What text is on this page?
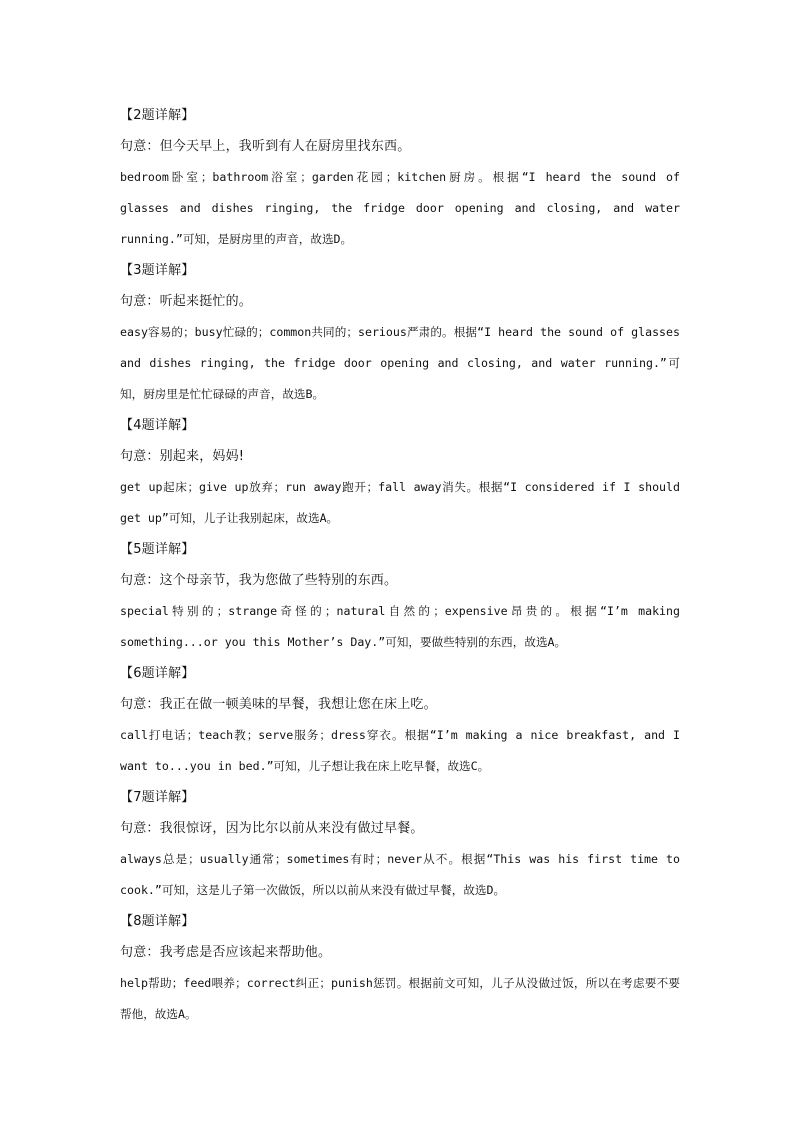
【2题详解】
句意：但今天早上，我听到有人在厨房里找东西。

bedroom卧室；bathroom浴室；garden花园；kitchen厨房。根据“I heard the sound of glasses and dishes ringing, the fridge door opening and closing, and water running.”可知，是厨房里的声音，故选D。

【3题详解】
句意：听起来挺忙的。

easy容易的；busy忙碌的；common共同的；serious严肃的。根据“I heard the sound of glasses and dishes ringing, the fridge door opening and closing, and water running.”可知，厨房里是忙忙碌碌的声音，故选B。

【4题详解】
句意：别起来，妈妈!

get up起床；give up放弃；run away跑开；fall away消失。根据“I considered if I should get up”可知，儿子让我别起床，故选A。

【5题详解】
句意：这个母亲节，我为您做了些特别的东西。

special特别的；strange奇怪的；natural自然的；expensive昂贵的。根据“I’m making something...or you this Mother’s Day.”可知，要做些特别的东西，故选A。

【6题详解】
句意：我正在做一顿美味的早餐，我想让您在床上吃。

call打电话；teach教；serve服务；dress穿衣。根据“I’m making a nice breakfast, and I want to...you in bed.”可知，儿子想让我在床上吃早餐，故选C。

【7题详解】
句意：我很惊讶，因为比尔以前从来没有做过早餐。

always总是；usually通常；sometimes有时；never从不。根据“This was his first time to cook.”可知，这是儿子第一次做饭，所以以前从来没有做过早餐，故选D。

【8题详解】
句意：我考虑是否应该起来帮助他。

help帮助；feed喂养；correct纠正；punish惩罚。根据前文可知，儿子从没做过饭，所以在考虑要不要帮他，故选A。
